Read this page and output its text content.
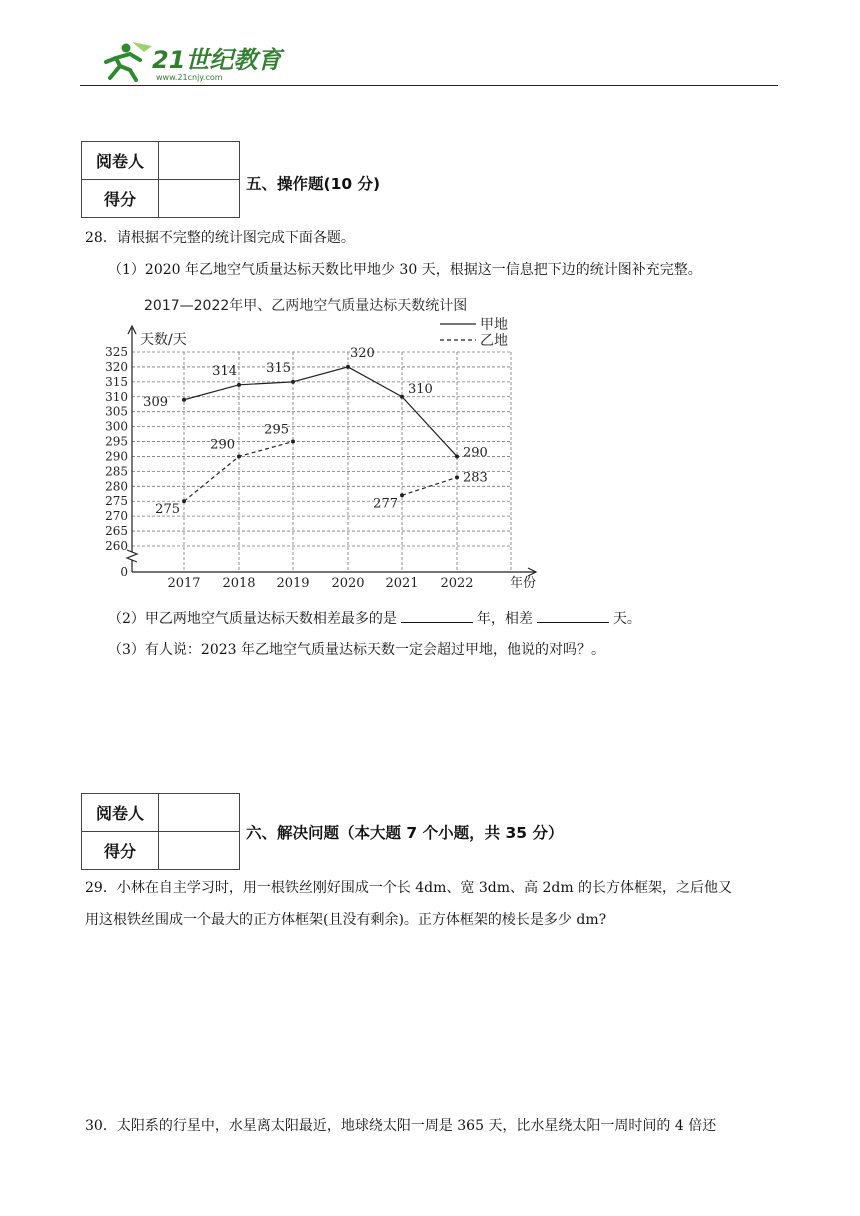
21世纪教育
www.21cnjy.com
阅卷人	
得分	
五、操作题(10 分)
28．请根据不完整的统计图完成下面各题。
（1）2020 年乙地空气质量达标天数比甲地少 30 天，根据这一信息把下边的统计图补充完整。
2017—2022年甲、乙两地空气质量达标天数统计图
天数/天
年份
甲地
乙地
0
260
265
270
275
280
285
290
295
300
305
310
315
320
325
2017 2018 2019 2020 2021 2022
309
314 315
320
310
290
275
290
295
277
283
（2）甲乙两地空气质量达标天数相差最多的是	年，相差	天。
（3）有人说：2023 年乙地空气质量达标天数一定会超过甲地，他说的对吗？。
阅卷人	
得分	
六、解决问题（本大题 7 个小题，共 35 分）
29．小林在自主学习时，用一根铁丝刚好围成一个长 4dm、宽 3dm、高 2dm 的长方体框架，之后他又
用这根铁丝围成一个最大的正方体框架(且没有剩余)。正方体框架的棱长是多少 dm?
30．太阳系的行星中，水星离太阳最近，地球绕太阳一周是 365 天，比水星绕太阳一周时间的 4 倍还
